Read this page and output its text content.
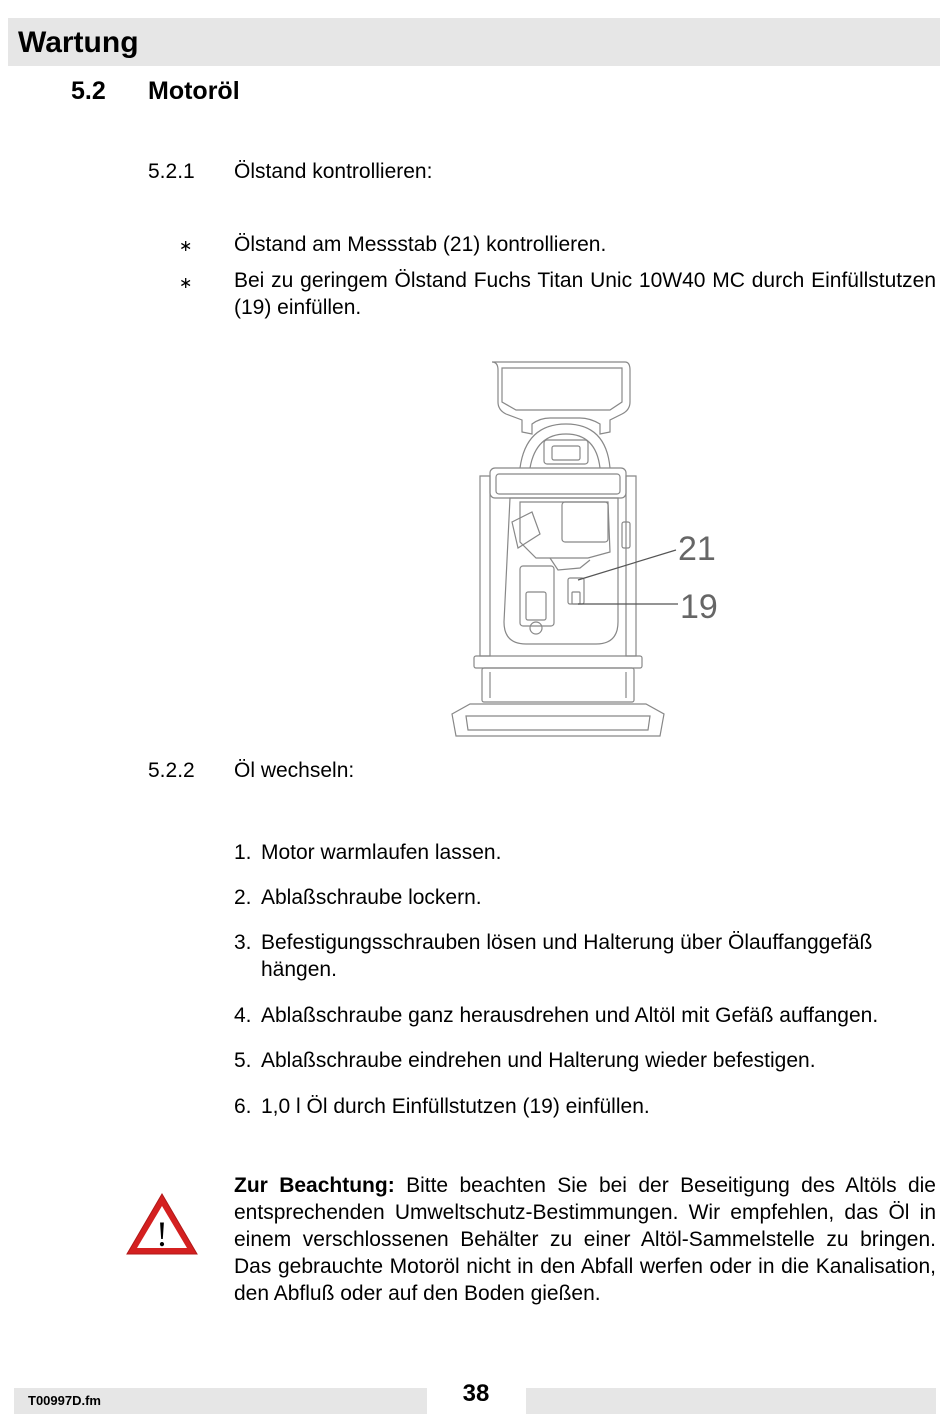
Wartung
5.2 Motoröl
5.2.1 Ölstand kontrollieren:
∗ Ölstand am Messstab (21) kontrollieren.
∗ Bei zu geringem Ölstand Fuchs Titan Unic 10W40 MC durch Einfüllstutzen (19) einfüllen.
21
19
5.2.2 Öl wechseln:
1. Motor warmlaufen lassen.
2. Ablaßschraube lockern.
3. Befestigungsschrauben lösen und Halterung über Ölauffanggefäß
hängen.
4. Ablaßschraube ganz herausdrehen und Altöl mit Gefäß auffangen.
5. Ablaßschraube eindrehen und Halterung wieder befestigen.
6. 1,0 l Öl durch Einfüllstutzen (19) einfüllen.
!
Zur Beachtung: Bitte beachten Sie bei der Beseitigung des Altöls die entsprechenden Umweltschutz-Bestimmungen. Wir empfehlen, das Öl in einem verschlossenen Behälter zu einer Altöl-Sammelstelle zu bringen. Das gebrauchte Motoröl nicht in den Abfall werfen oder in die Kanalisation, den Abfluß oder auf den Boden gießen.
T00997D.fm	38
